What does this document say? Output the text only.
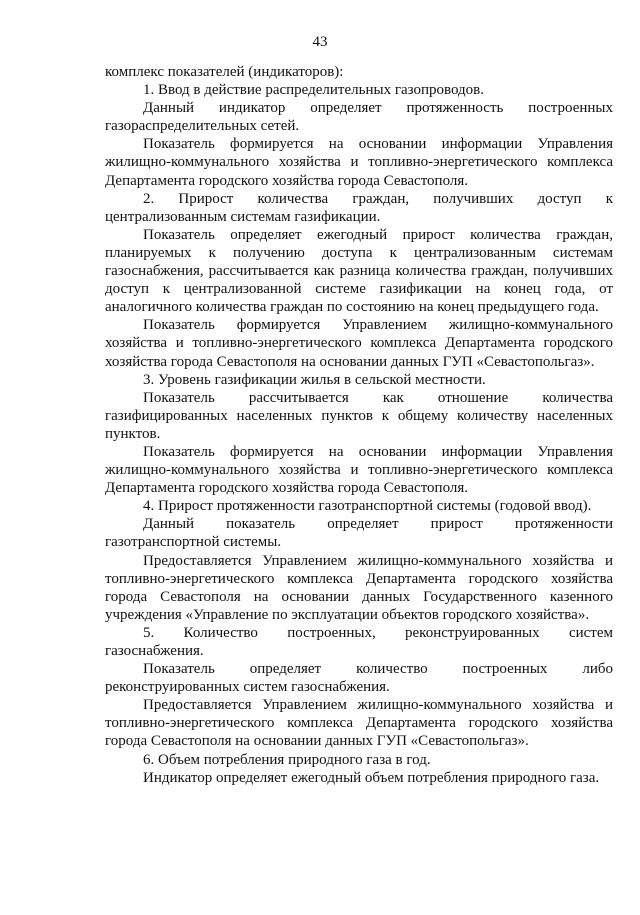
43

комплекс показателей (индикаторов):

1. Ввод в действие распределительных газопроводов.

Данный индикатор определяет протяженность построенных газораспределительных сетей.

Показатель формируется на основании информации Управления жилищно-коммунального хозяйства и топливно-энергетического комплекса Департамента городского хозяйства города Севастополя.

2. Прирост количества граждан, получивших доступ к централизованным системам газификации.

Показатель определяет ежегодный прирост количества граждан, планируемых к получению доступа к централизованным системам газоснабжения, рассчитывается как разница количества граждан, получивших доступ к централизованной системе газификации на конец года, от аналогичного количества граждан по состоянию на конец предыдущего года.

Показатель формируется Управлением жилищно-коммунального хозяйства и топливно-энергетического комплекса Департамента городского хозяйства города Севастополя на основании данных ГУП «Севастопольгаз».

3. Уровень газификации жилья в сельской местности.

Показатель рассчитывается как отношение количества газифицированных населенных пунктов к общему количеству населенных пунктов.

Показатель формируется на основании информации Управления жилищно-коммунального хозяйства и топливно-энергетического комплекса Департамента городского хозяйства города Севастополя.

4. Прирост протяженности газотранспортной системы (годовой ввод).

Данный показатель определяет прирост протяженности газотранспортной системы.

Предоставляется Управлением жилищно-коммунального хозяйства и топливно-энергетического комплекса Департамента городского хозяйства города Севастополя на основании данных Государственного казенного учреждения «Управление по эксплуатации объектов городского хозяйства».

5. Количество построенных, реконструированных систем газоснабжения.

Показатель определяет количество построенных либо реконструированных систем газоснабжения.

Предоставляется Управлением жилищно-коммунального хозяйства и топливно-энергетического комплекса Департамента городского хозяйства города Севастополя на основании данных ГУП «Севастопольгаз».

6. Объем потребления природного газа в год.

Индикатор определяет ежегодный объем потребления природного газа.
